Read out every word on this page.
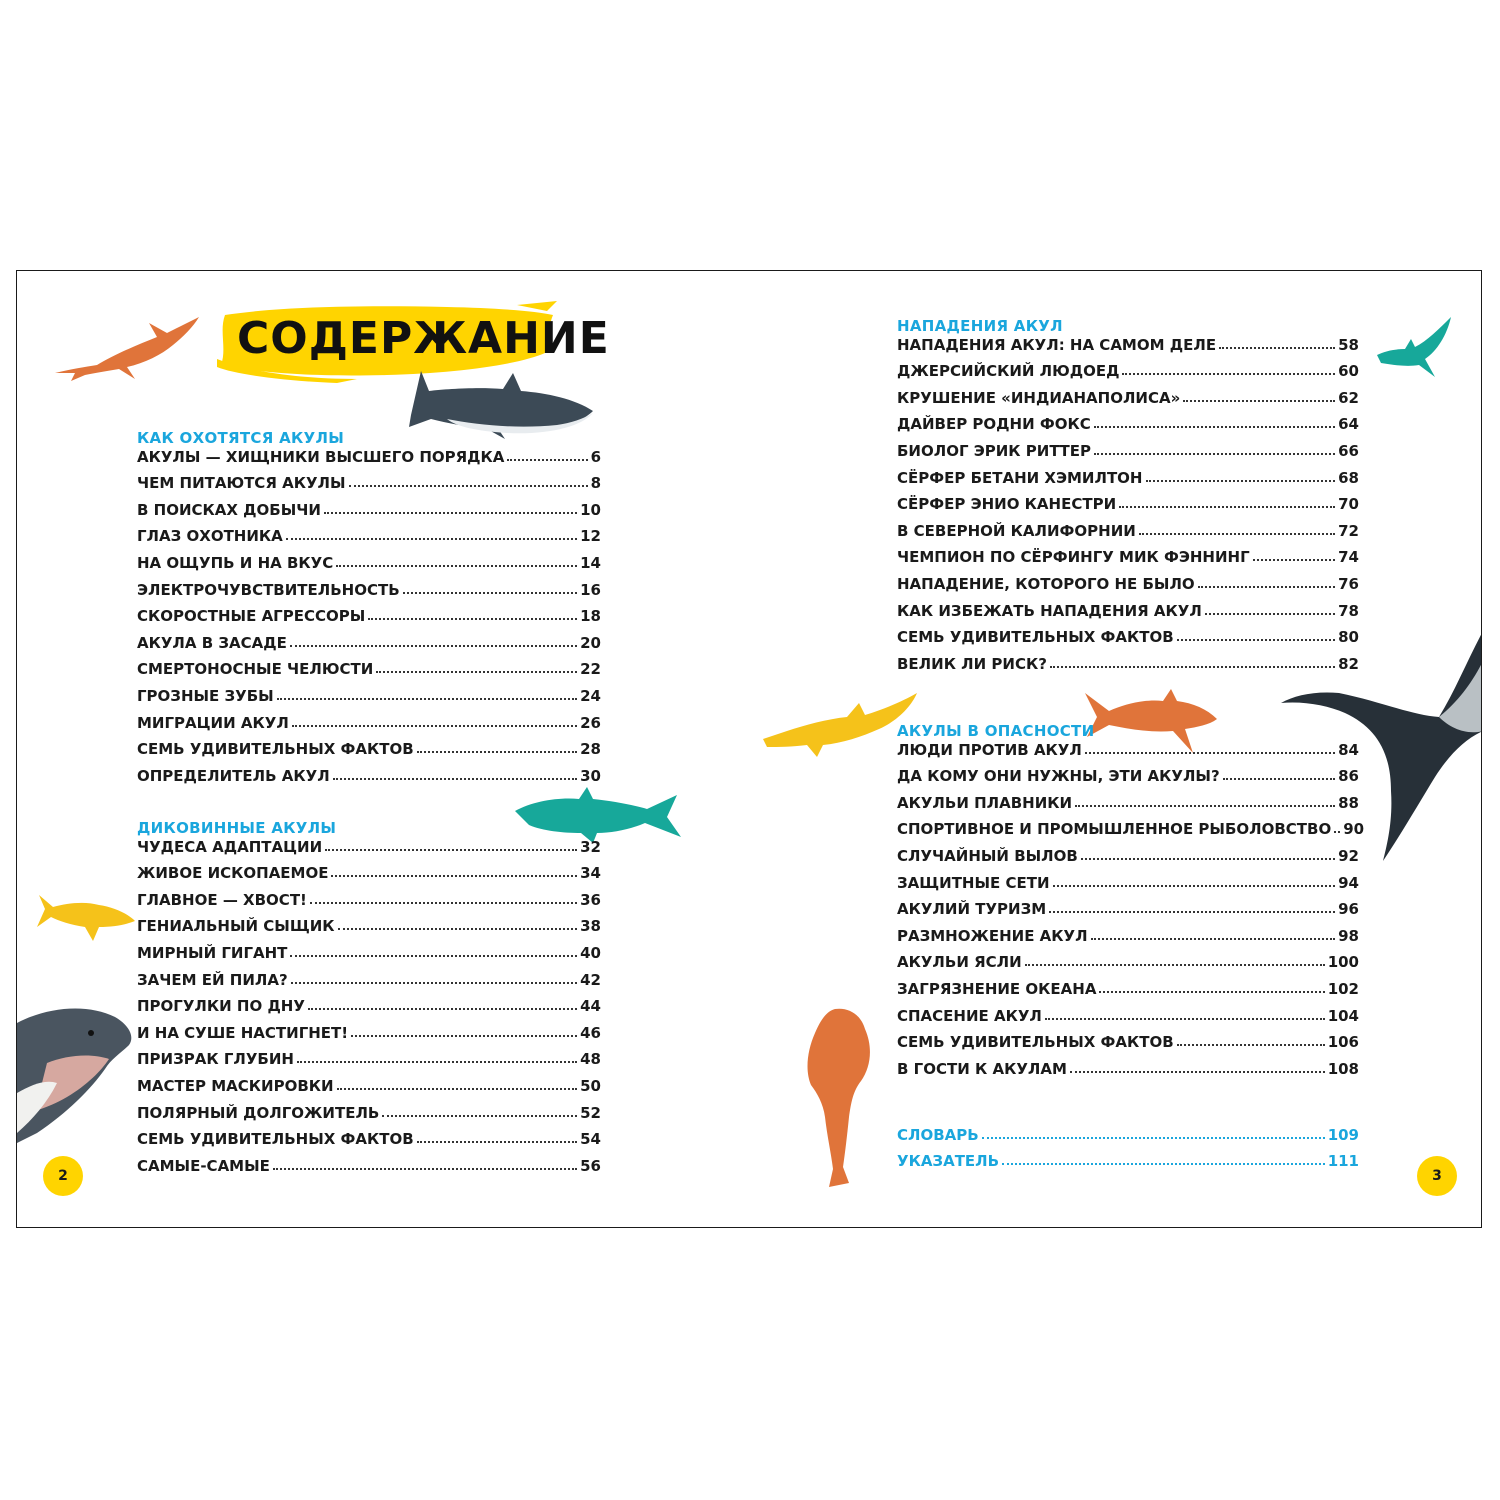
СОДЕРЖАНИЕ
КАК ОХОТЯТСЯ АКУЛЫ
АКУЛЫ — ХИЩНИКИ ВЫСШЕГО ПОРЯДКА	6
ЧЕМ ПИТАЮТСЯ АКУЛЫ	8
В ПОИСКАХ ДОБЫЧИ	10
ГЛАЗ ОХОТНИКА	12
НА ОЩУПЬ И НА ВКУС	14
ЭЛЕКТРОЧУВСТВИТЕЛЬНОСТЬ	16
СКОРОСТНЫЕ АГРЕССОРЫ	18
АКУЛА В ЗАСАДЕ	20
СМЕРТОНОСНЫЕ ЧЕЛЮСТИ	22
ГРОЗНЫЕ ЗУБЫ	24
МИГРАЦИИ АКУЛ	26
СЕМЬ УДИВИТЕЛЬНЫХ ФАКТОВ	28
ОПРЕДЕЛИТЕЛЬ АКУЛ	30
ДИКОВИННЫЕ АКУЛЫ
ЧУДЕСА АДАПТАЦИИ	32
ЖИВОЕ ИСКОПАЕМОЕ	34
ГЛАВНОЕ — ХВОСТ!	36
ГЕНИАЛЬНЫЙ СЫЩИК	38
МИРНЫЙ ГИГАНТ	40
ЗАЧЕМ ЕЙ ПИЛА?	42
ПРОГУЛКИ ПО ДНУ	44
И НА СУШЕ НАСТИГНЕТ!	46
ПРИЗРАК ГЛУБИН	48
МАСТЕР МАСКИРОВКИ	50
ПОЛЯРНЫЙ ДОЛГОЖИТЕЛЬ	52
СЕМЬ УДИВИТЕЛЬНЫХ ФАКТОВ	54
САМЫЕ-САМЫЕ	56
НАПАДЕНИЯ АКУЛ
НАПАДЕНИЯ АКУЛ: НА САМОМ ДЕЛЕ	58
ДЖЕРСИЙСКИЙ ЛЮДОЕД	60
КРУШЕНИЕ «ИНДИАНАПОЛИСА»	62
ДАЙВЕР РОДНИ ФОКС	64
БИОЛОГ ЭРИК РИТТЕР	66
СЁРФЕР БЕТАНИ ХЭМИЛТОН	68
СЁРФЕР ЭНИО КАНЕСТРИ	70
В СЕВЕРНОЙ КАЛИФОРНИИ	72
ЧЕМПИОН ПО СЁРФИНГУ МИК ФЭННИНГ	74
НАПАДЕНИЕ, КОТОРОГО НЕ БЫЛО	76
КАК ИЗБЕЖАТЬ НАПАДЕНИЯ АКУЛ	78
СЕМЬ УДИВИТЕЛЬНЫХ ФАКТОВ	80
ВЕЛИК ЛИ РИСК?	82
АКУЛЫ В ОПАСНОСТИ
ЛЮДИ ПРОТИВ АКУЛ	84
ДА КОМУ ОНИ НУЖНЫ, ЭТИ АКУЛЫ?	86
АКУЛЬИ ПЛАВНИКИ	88
СПОРТИВНОЕ И ПРОМЫШЛЕННОЕ РЫБОЛОВСТВО 90
СЛУЧАЙНЫЙ ВЫЛОВ	92
ЗАЩИТНЫЕ СЕТИ	94
АКУЛИЙ ТУРИЗМ	96
РАЗМНОЖЕНИЕ АКУЛ	98
АКУЛЬИ ЯСЛИ	100
ЗАГРЯЗНЕНИЕ ОКЕАНА	102
СПАСЕНИЕ АКУЛ	104
СЕМЬ УДИВИТЕЛЬНЫХ ФАКТОВ	106
В ГОСТИ К АКУЛАМ	108
СЛОВАРЬ	109
УКАЗАТЕЛЬ	111
2	3
